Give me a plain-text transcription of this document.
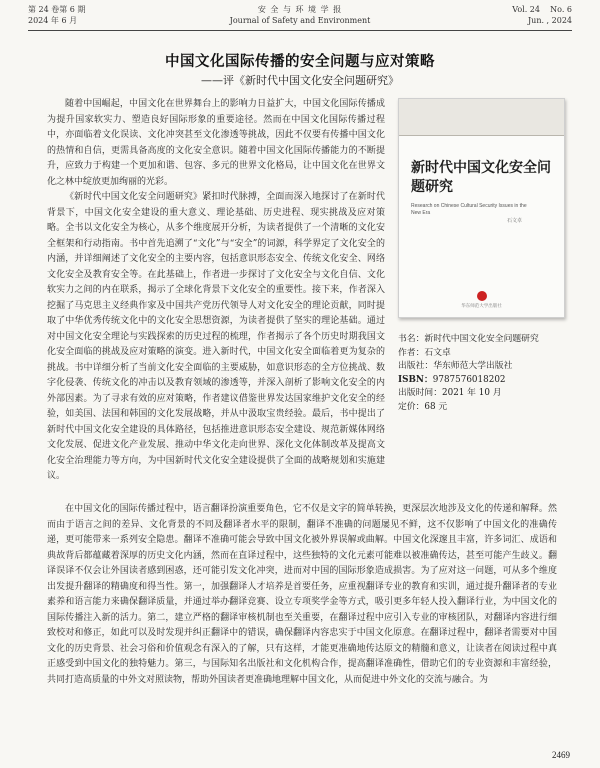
第 24 卷第 6 期
2024 年 6 月
安 全 与 环 境 学 报
Journal of Safety and Environment
Vol. 24    No. 6
Jun. , 2024
中国文化国际传播的安全问题与应对策略
——评《新时代中国文化安全问题研究》

随着中国崛起，中国文化在世界舞台上的影响力日益扩大，中国文化国际传播成为提升国家软实力、塑造良好国际形象的重要途径。然而在中国文化国际传播过程中，亦面临着文化误读、文化冲突甚至文化渗透等挑战，因此不仅要有传播中国文化的热情和自信，更需具备高度的文化安全意识。随着中国文化国际传播能力的不断提升，应致力于构建一个更加和谐、包容、多元的世界文化格局，让中国文化在世界文化之林中绽放更加绚丽的光彩。

《新时代中国文化安全问题研究》紧扣时代脉搏，全面而深入地探讨了在新时代背景下，中国文化安全建设的重大意义、理论基础、历史进程、现实挑战及应对策略。全书以文化安全为核心，从多个维度展开分析，为读者提供了一个清晰的文化安全框架和行动指南。书中首先追溯了“文化”与“安全”的词源，科学界定了文化安全的内涵，并详细阐述了文化安全的主要内容，包括意识形态安全、传统文化安全、网络文化安全及教育安全等。在此基础上，作者进一步探讨了文化安全与文化自信、文化软实力之间的内在联系，揭示了全球化背景下文化安全的重要性。接下来，作者深入挖掘了马克思主义经典作家及中国共产党历代领导人对文化安全的理论贡献，同时提取了中华优秀传统文化中的文化安全思想资源，为读者提供了坚实的理论基础。通过对中国文化安全理论与实践探索的历史过程的梳理，作者揭示了各个历史时期我国文化安全面临的挑战及应对策略的演变。进入新时代，中国文化安全面临着更为复杂的挑战。书中详细分析了当前文化安全面临的主要威胁，如意识形态的全方位挑战、数字化侵袭、传统文化的冲击以及教育领域的渗透等，并深入剖析了影响文化安全的内外部因素。为了寻求有效的应对策略，作者建议借鉴世界发达国家维护文化安全的经验，如美国、法国和韩国的文化发展战略，并从中汲取宝贵经验。最后，书中提出了新时代中国文化安全建设的具体路径，包括推进意识形态安全建设、规范新媒体网络文化发展、促进文化产业发展、推动中华文化走向世界、深化文化体制改革及提高文化安全治理能力等方向，为中国新时代文化安全建设提供了全面的战略规划和实施建议。

新时代中国文化安全问题研究
Research on Chinese Cultural Security Issues in the New Era
石文卓
华东师范大学出版社
书名：新时代中国文化安全问题研究
作者：石文卓
出版社：华东师范大学出版社
ISBN：9787576018202
出版时间：2021 年 10 月
定价：68 元

在中国文化的国际传播过程中，语言翻译扮演重要角色，它不仅是文字的简单转换，更深层次地涉及文化的传递和解释。然而由于语言之间的差异、文化背景的不同及翻译者水平的限制，翻译不准确的问题屡见不鲜，这不仅影响了中国文化的准确传递，更可能带来一系列安全隐患。翻译不准确可能会导致中国文化被外界误解或曲解。中国文化深邃且丰富，许多词汇、成语和典故背后都蕴藏着深厚的历史文化内涵，然而在直译过程中，这些独特的文化元素可能难以被准确传达，甚至可能产生歧义。翻译误译不仅会让外国读者感到困惑，还可能引发文化冲突，进而对中国的国际形象造成损害。为了应对这一问题，可从多个维度出发提升翻译的精确度和得当性。第一，加强翻译人才培养是首要任务，应重视翻译专业的教育和实训，通过提升翻译者的专业素养和语言能力来确保翻译质量，并通过举办翻译竞赛、设立专项奖学金等方式，吸引更多年轻人投入翻译行业，为中国文化的国际传播注入新的活力。第二，建立严格的翻译审核机制也至关重要，在翻译过程中应引入专业的审核团队，对翻译内容进行细致校对和修正，如此可以及时发现并纠正翻译中的错误，确保翻译内容忠实于中国文化原意。在翻译过程中，翻译者需要对中国文化的历史背景、社会习俗和价值观念有深入的了解，只有这样，才能更准确地传达原文的精髓和意义，让读者在阅读过程中真正感受到中国文化的独特魅力。第三，与国际知名出版社和文化机构合作，提高翻译准确性，借助它们的专业资源和丰富经验，共同打造高质量的中外文对照读物，帮助外国读者更准确地理解中国文化，从而促进中外文化的交流与融合。为

2469
